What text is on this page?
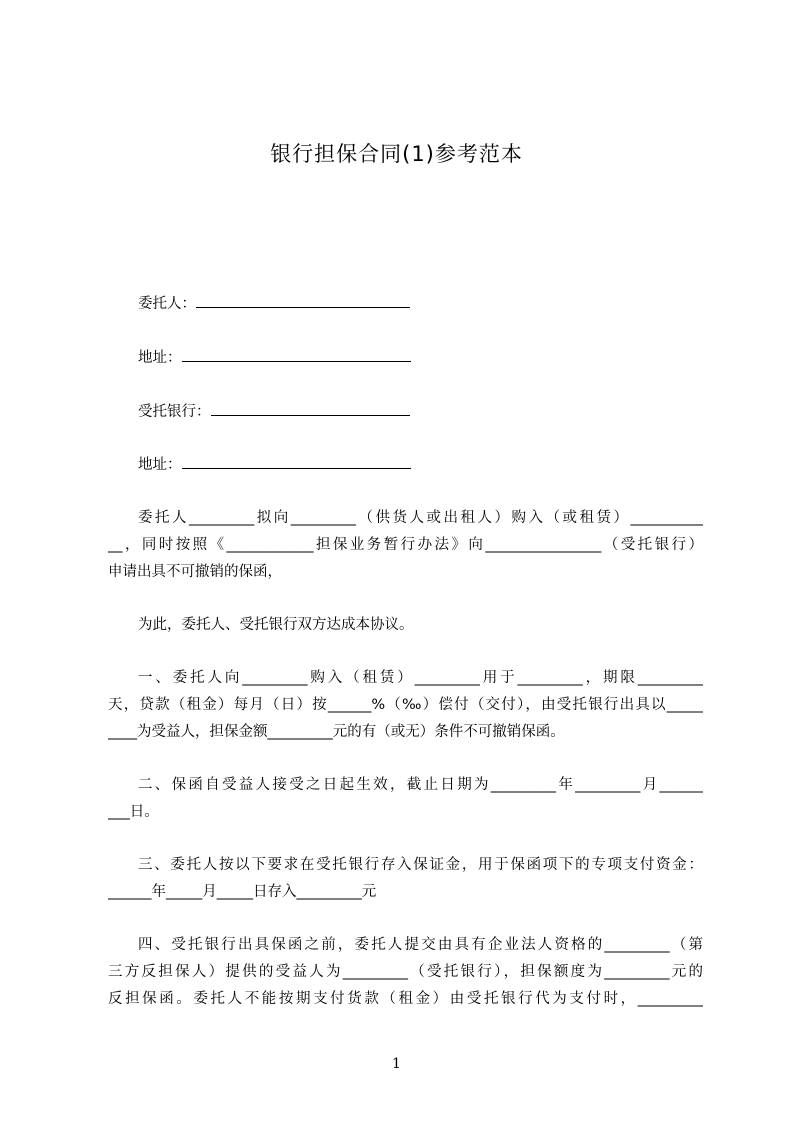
银行担保合同(1)参考范本
委托人：
地址：
受托银行：
地址：
委托人_________拟向_________（供货人或出租人）购入（或租赁）__________
__，同时按照《____________担保业务暂行办法》向________________（受托银行）
申请出具不可撤销的保函，
为此，委托人、受托银行双方达成本协议。
一、委托人向_________购入（租赁）_________用于_________，期限_________
天，贷款（租金）每月（日）按______%（‰）偿付（交付），由受托银行出具以_____
____为受益人，担保金额_________元的有（或无）条件不可撤销保函。
二、保函自受益人接受之日起生效，截止日期为_________年_________月______
___日。
三、委托人按以下要求在受托银行存入保证金，用于保函项下的专项支付资金：
______年_____月_____日存入_________元
四、受托银行出具保函之前，委托人提交由具有企业法人资格的_________（第
三方反担保人）提供的受益人为_________（受托银行），担保额度为_________元的
反担保函。委托人不能按期支付货款（租金）由受托银行代为支付时，_________
1
